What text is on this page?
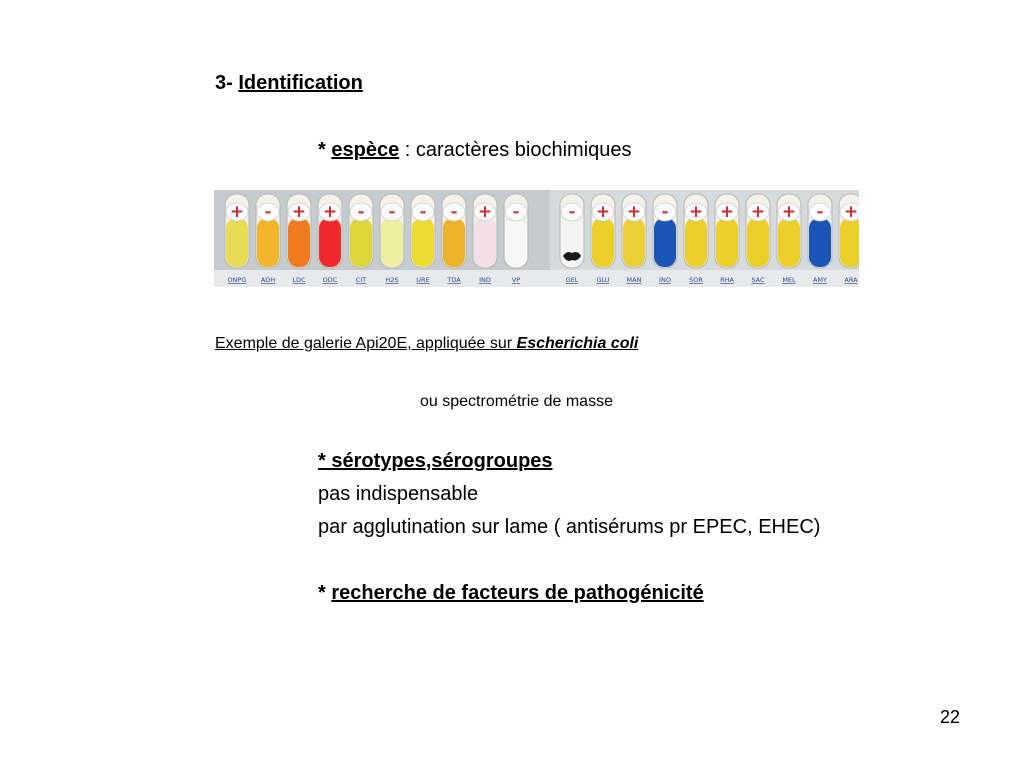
3- Identification
* espèce : caractères biochimiques
+
ONPG
-
ADH
+
LDC
+
ODC
-
CIT
-
H2S
-
URE
-
TDA
+
IND
-
VP
-
GEL
+
GLU
+
MAN
-
INO
+
SOR
+
RHA
+
SAC
+
MEL
-
AMY
+
ARA
Exemple de galerie Api20E, appliquée sur Escherichia coli
ou spectrométrie de masse
* sérotypes,sérogroupes
pas indispensable
par agglutination sur lame ( antisérums pr EPEC, EHEC)
* recherche de facteurs de pathogénicité
22
